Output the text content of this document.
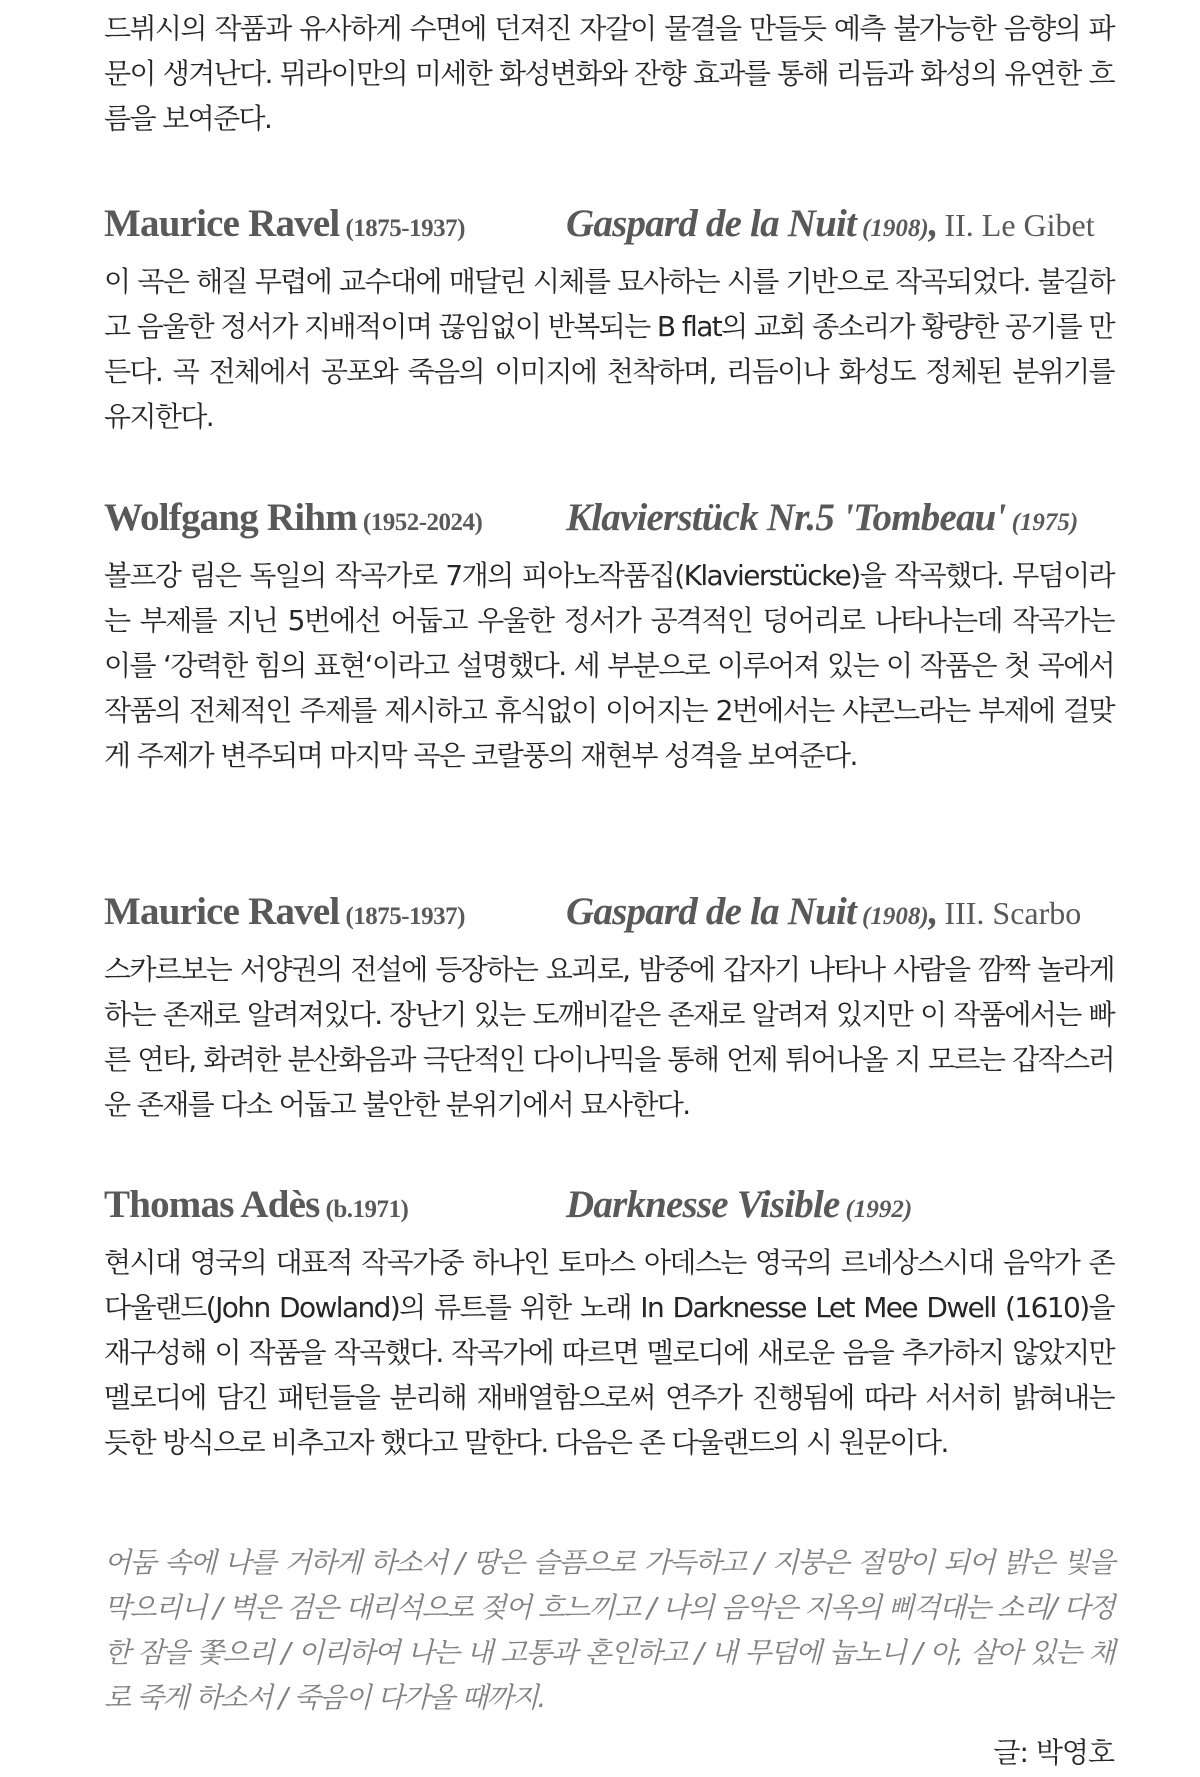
드뷔시의 작품과 유사하게 수면에 던져진 자갈이 물결을 만들듯 예측 불가능한 음향의 파문이 생겨난다. 뮈라이만의 미세한 화성변화와 잔향 효과를 통해 리듬과 화성의 유연한 흐름을 보여준다.

Maurice Ravel (1875-1937)	Gaspard de la Nuit (1908), II. Le Gibet

이 곡은 해질 무렵에 교수대에 매달린 시체를 묘사하는 시를 기반으로 작곡되었다. 불길하고 음울한 정서가 지배적이며 끊임없이 반복되는 B flat의 교회 종소리가 황량한 공기를 만든다. 곡 전체에서 공포와 죽음의 이미지에 천착하며, 리듬이나 화성도 정체된 분위기를 유지한다.

Wolfgang Rihm (1952-2024) Klavierstück Nr.5 'Tombeau' (1975)

볼프강 림은 독일의 작곡가로 7개의 피아노작품집(Klavierstücke)을 작곡했다. 무덤이라는 부제를 지닌 5번에선 어둡고 우울한 정서가 공격적인 덩어리로 나타나는데 작곡가는 이를 ‘강력한 힘의 표현‘이라고 설명했다. 세 부분으로 이루어져 있는 이 작품은 첫 곡에서 작품의 전체적인 주제를 제시하고 휴식없이 이어지는 2번에서는 샤콘느라는 부제에 걸맞게 주제가 변주되며 마지막 곡은 코랄풍의 재현부 성격을 보여준다.

Maurice Ravel (1875-1937)	Gaspard de la Nuit (1908), III. Scarbo

스카르보는 서양권의 전설에 등장하는 요괴로, 밤중에 갑자기 나타나 사람을 깜짝 놀라게 하는 존재로 알려져있다. 장난기 있는 도깨비같은 존재로 알려져 있지만 이 작품에서는 빠른 연타, 화려한 분산화음과 극단적인 다이나믹을 통해 언제 튀어나올 지 모르는 갑작스러운 존재를 다소 어둡고 불안한 분위기에서 묘사한다.

Thomas Adès (b.1971)	Darknesse Visible (1992)

현시대 영국의 대표적 작곡가중 하나인 토마스 아데스는 영국의 르네상스시대 음악가 존 다울랜드(John Dowland)의 류트를 위한 노래 In Darknesse Let Mee Dwell (1610)을 재구성해 이 작품을 작곡했다. 작곡가에 따르면 멜로디에 새로운 음을 추가하지 않았지만 멜로디에 담긴 패턴들을 분리해 재배열함으로써 연주가 진행됨에 따라 서서히 밝혀내는 듯한 방식으로 비추고자 했다고 말한다. 다음은 존 다울랜드의 시 원문이다.

어둠 속에 나를 거하게 하소서 / 땅은 슬픔으로 가득하고 / 지붕은 절망이 되어 밝은 빛을 막으리니 / 벽은 검은 대리석으로 젖어 흐느끼고 / 나의 음악은 지옥의 삐걱대는 소리/ 다정한 잠을 쫓으리 / 이리하여 나는 내 고통과 혼인하고 / 내 무덤에 눕노니 / 아, 살아 있는 채로 죽게 하소서 / 죽음이 다가올 때까지.

글: 박영호
